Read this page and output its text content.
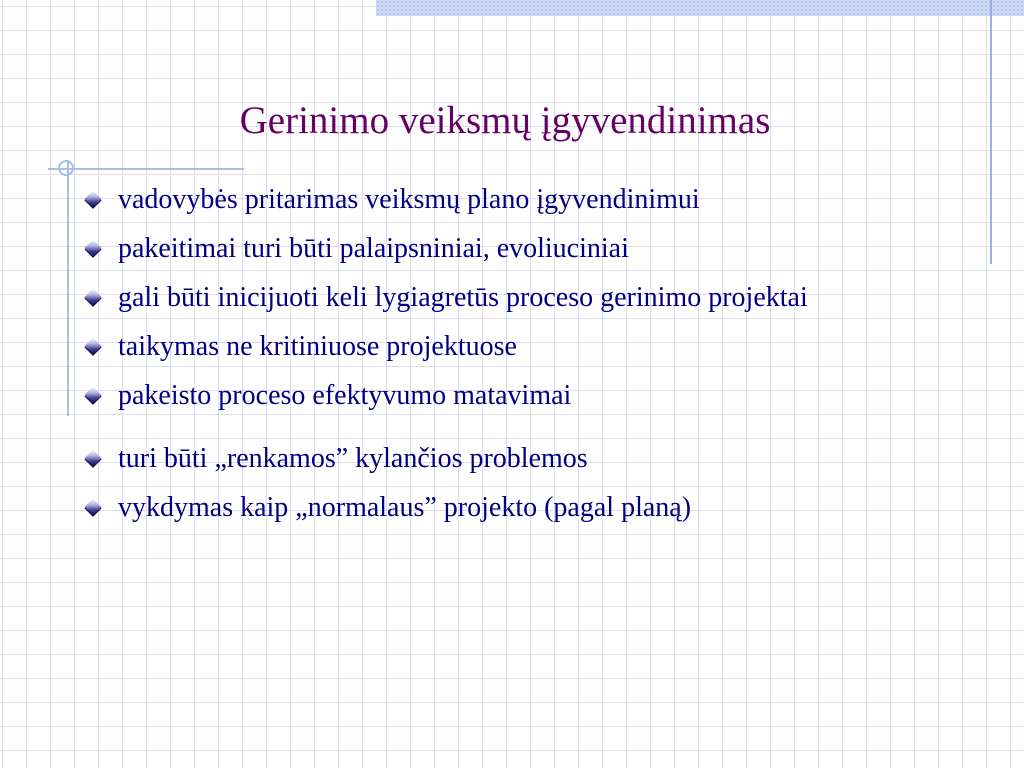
Gerinimo veiksmų įgyvendinimas
vadovybės pritarimas veiksmų plano įgyvendinimui
pakeitimai turi būti palaipsniniai, evoliuciniai
gali būti inicijuoti keli lygiagretūs proceso gerinimo projektai
taikymas ne kritiniuose projektuose
pakeisto proceso efektyvumo matavimai
turi būti „renkamos” kylančios problemos
vykdymas kaip „normalaus” projekto (pagal planą)
